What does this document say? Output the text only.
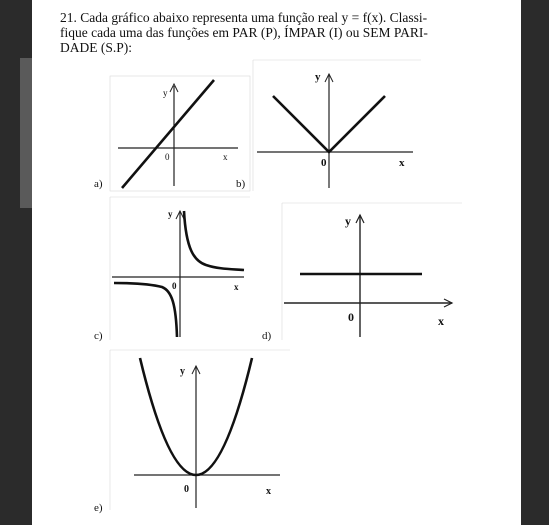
21. Cada gráfico abaixo representa uma função real y = f(x). Classi-
fique cada uma das funções em PAR (P), ÍMPAR (I) ou SEM PARI-
DADE (S.P):

y
0	x
a)
y
0	x
b)
y
0	x
c)
y
0	x
d)
y
0	x
e)
